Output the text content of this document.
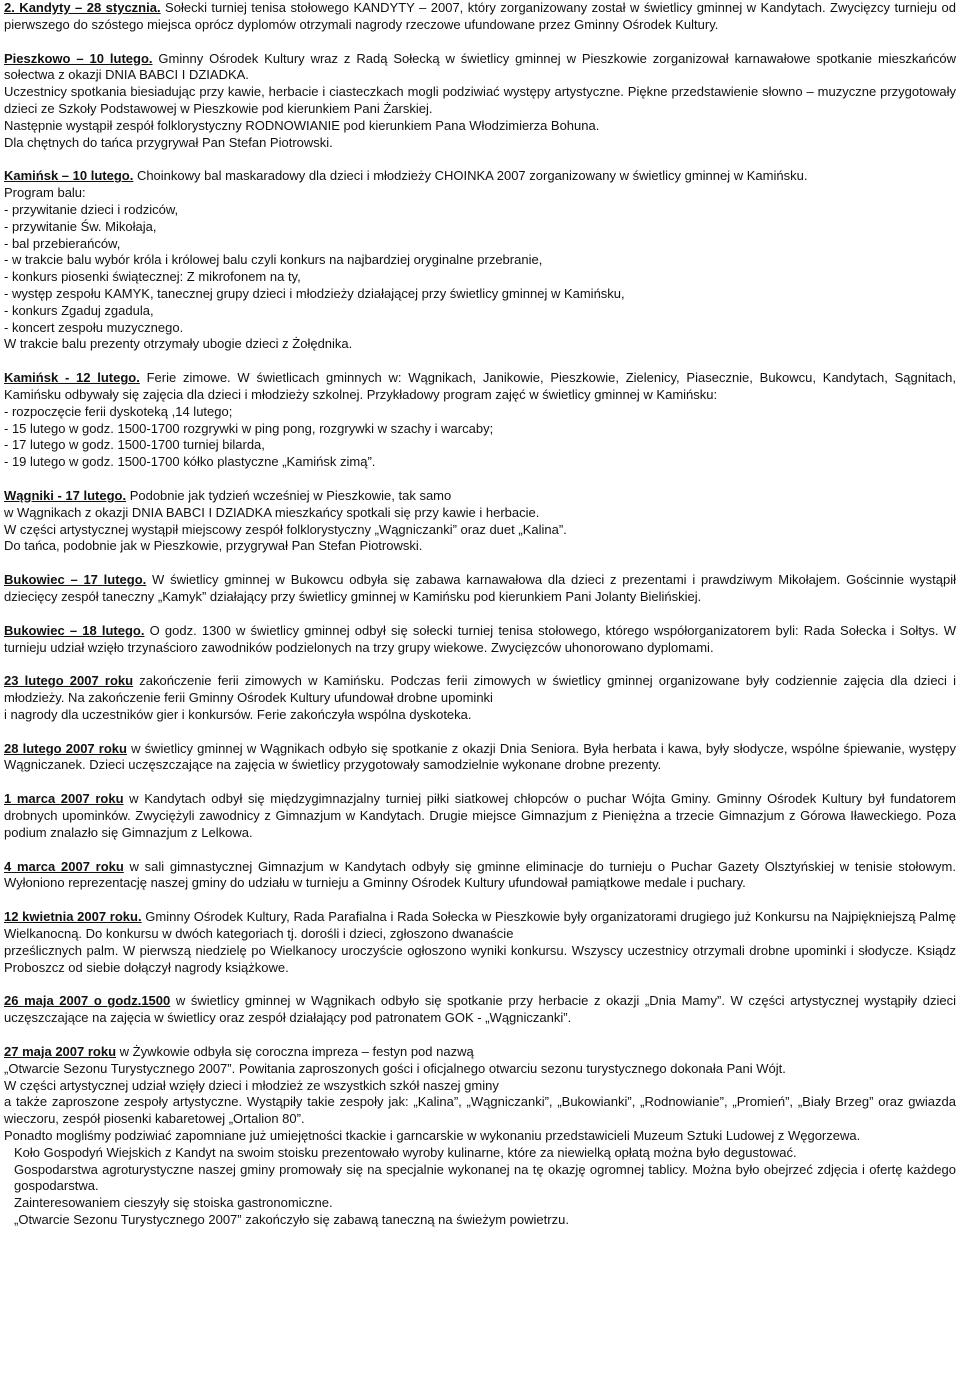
2. Kandyty – 28 stycznia. Sołecki turniej tenisa stołowego KANDYTY – 2007, który zorganizowany został w świetlicy gminnej w Kandytach. Zwycięzcy turnieju od pierwszego do szóstego miejsca oprócz dyplomów otrzymali nagrody rzeczowe ufundowane przez Gminny Ośrodek Kultury.

Pieszkowo – 10 lutego. Gminny Ośrodek Kultury wraz z Radą Sołecką w świetlicy gminnej w Pieszkowie zorganizował karnawałowe spotkanie mieszkańców sołectwa z okazji DNIA BABCI I DZIADKA.

Uczestnicy spotkania biesiadując przy kawie, herbacie i ciasteczkach mogli podziwiać występy artystyczne. Piękne przedstawienie słowno – muzyczne przygotowały dzieci ze Szkoły Podstawowej w Pieszkowie pod kierunkiem Pani Żarskiej.

Następnie wystąpił zespół folklorystyczny RODNOWIANIE pod kierunkiem Pana Włodzimierza Bohuna.

Dla chętnych do tańca przygrywał Pan Stefan Piotrowski.

Kamińsk – 10 lutego. Choinkowy bal maskaradowy dla dzieci i młodzieży CHOINKA 2007 zorganizowany w świetlicy gminnej w Kamińsku.

Program balu:
- przywitanie dzieci i rodziców,
- przywitanie Św. Mikołaja,
- bal przebierańców,
- w trakcie balu wybór króla i królowej balu czyli konkurs na najbardziej oryginalne przebranie,
- konkurs piosenki świątecznej: Z mikrofonem na ty,
- występ zespołu KAMYK, tanecznej grupy dzieci i młodzieży działającej przy świetlicy gminnej w Kamińsku,
- konkurs Zgaduj zgadula,
- koncert zespołu muzycznego.
W trakcie balu prezenty otrzymały ubogie dzieci z Żołędnika.

Kamińsk - 12 lutego. Ferie zimowe. W świetlicach gminnych w: Wągnikach, Janikowie, Pieszkowie, Zielenicy, Piasecznie, Bukowcu, Kandytach, Sągnitach, Kamińsku odbywały się zajęcia dla dzieci i młodzieży szkolnej. Przykładowy program zajęć w świetlicy gminnej w Kamińsku:

- rozpoczęcie ferii dyskoteką ,14 lutego;
- 15 lutego w godz. 1500-1700 rozgrywki w ping pong, rozgrywki w szachy i warcaby;
- 17 lutego w godz. 1500-1700 turniej bilarda,
- 19 lutego w godz. 1500-1700 kółko plastyczne „Kamińsk zimą”.

Wągniki - 17 lutego. Podobnie jak tydzień wcześniej w Pieszkowie, tak samo

w Wągnikach z okazji DNIA BABCI I DZIADKA mieszkańcy spotkali się przy kawie i herbacie.

W części artystycznej wystąpił miejscowy zespół folklorystyczny „Wągniczanki” oraz duet „Kalina”.

Do tańca, podobnie jak w Pieszkowie, przygrywał Pan Stefan Piotrowski.

Bukowiec – 17 lutego. W świetlicy gminnej w Bukowcu odbyła się zabawa karnawałowa dla dzieci z prezentami i prawdziwym Mikołajem. Gościnnie wystąpił dziecięcy zespół taneczny „Kamyk” działający przy świetlicy gminnej w Kamińsku pod kierunkiem Pani Jolanty Bielińskiej.

Bukowiec – 18 lutego. O godz. 1300 w świetlicy gminnej odbył się sołecki turniej tenisa stołowego, którego współorganizatorem byli: Rada Sołecka i Sołtys. W turnieju udział wzięło trzynaścioro zawodników podzielonych na trzy grupy wiekowe. Zwycięzców uhonorowano dyplomami.

23 lutego 2007 roku zakończenie ferii zimowych w Kamińsku. Podczas ferii zimowych w świetlicy gminnej organizowane były codziennie zajęcia dla dzieci i młodzieży. Na zakończenie ferii Gminny Ośrodek Kultury ufundował drobne upominki

i nagrody dla uczestników gier i konkursów. Ferie zakończyła wspólna dyskoteka.

28 lutego 2007 roku w świetlicy gminnej w Wągnikach odbyło się spotkanie z okazji Dnia Seniora. Była herbata i kawa, były słodycze, wspólne śpiewanie, występy Wągniczanek. Dzieci uczęszczające na zajęcia w świetlicy przygotowały samodzielnie wykonane drobne prezenty.

1 marca 2007 roku w Kandytach odbył się międzygimnazjalny turniej piłki siatkowej chłopców o puchar Wójta Gminy. Gminny Ośrodek Kultury był fundatorem drobnych upominków. Zwyciężyli zawodnicy z Gimnazjum w Kandytach. Drugie miejsce Gimnazjum z Pieniężna a trzecie Gimnazjum z Górowa Iławeckiego. Poza podium znalazło się Gimnazjum z Lelkowa.

4 marca 2007 roku w sali gimnastycznej Gimnazjum w Kandytach odbyły się gminne eliminacje do turnieju o Puchar Gazety Olsztyńskiej w tenisie stołowym. Wyłoniono reprezentację naszej gminy do udziału w turnieju a Gminny Ośrodek Kultury ufundował pamiątkowe medale i puchary.

12 kwietnia 2007 roku. Gminny Ośrodek Kultury, Rada Parafialna i Rada Sołecka w Pieszkowie były organizatorami drugiego już Konkursu na Najpiękniejszą Palmę Wielkanocną. Do konkursu w dwóch kategoriach tj. dorośli i dzieci, zgłoszono dwanaście

prześlicznych palm. W pierwszą niedzielę po Wielkanocy uroczyście ogłoszono wyniki konkursu. Wszyscy uczestnicy otrzymali drobne upominki i słodycze. Ksiądz Proboszcz od siebie dołączył nagrody książkowe.

26 maja 2007 o godz.1500 w świetlicy gminnej w Wągnikach odbyło się spotkanie przy herbacie z okazji „Dnia Mamy”. W części artystycznej wystąpiły dzieci uczęszczające na zajęcia w świetlicy oraz zespół działający pod patronatem GOK - „Wągniczanki”.

27 maja 2007 roku w Żywkowie odbyła się coroczna impreza – festyn pod nazwą

„Otwarcie Sezonu Turystycznego 2007”. Powitania zaproszonych gości i oficjalnego otwarciu sezonu turystycznego dokonała Pani Wójt.

W części artystycznej udział wzięły dzieci i młodzież ze wszystkich szkół naszej gminy

a także zaproszone zespoły artystyczne. Wystąpiły takie zespoły jak: „Kalina”, „Wągniczanki”, „Bukowianki”, „Rodnowianie”, „Promień”, „Biały Brzeg” oraz gwiazda wieczoru, zespół piosenki kabaretowej „Ortalion 80”.

Ponadto mogliśmy podziwiać zapomniane już umiejętności tkackie i garncarskie w wykonaniu przedstawicieli Muzeum Sztuki Ludowej z Węgorzewa.

Koło Gospodyń Wiejskich z Kandyt na swoim stoisku prezentowało wyroby kulinarne, które za niewielką opłatą można było degustować.

Gospodarstwa agroturystyczne naszej gminy promowały się na specjalnie wykonanej na tę okazję ogromnej tablicy. Można było obejrzeć zdjęcia i ofertę każdego gospodarstwa.

Zainteresowaniem cieszyły się stoiska gastronomiczne.

„Otwarcie Sezonu Turystycznego 2007” zakończyło się zabawą taneczną na świeżym powietrzu.
